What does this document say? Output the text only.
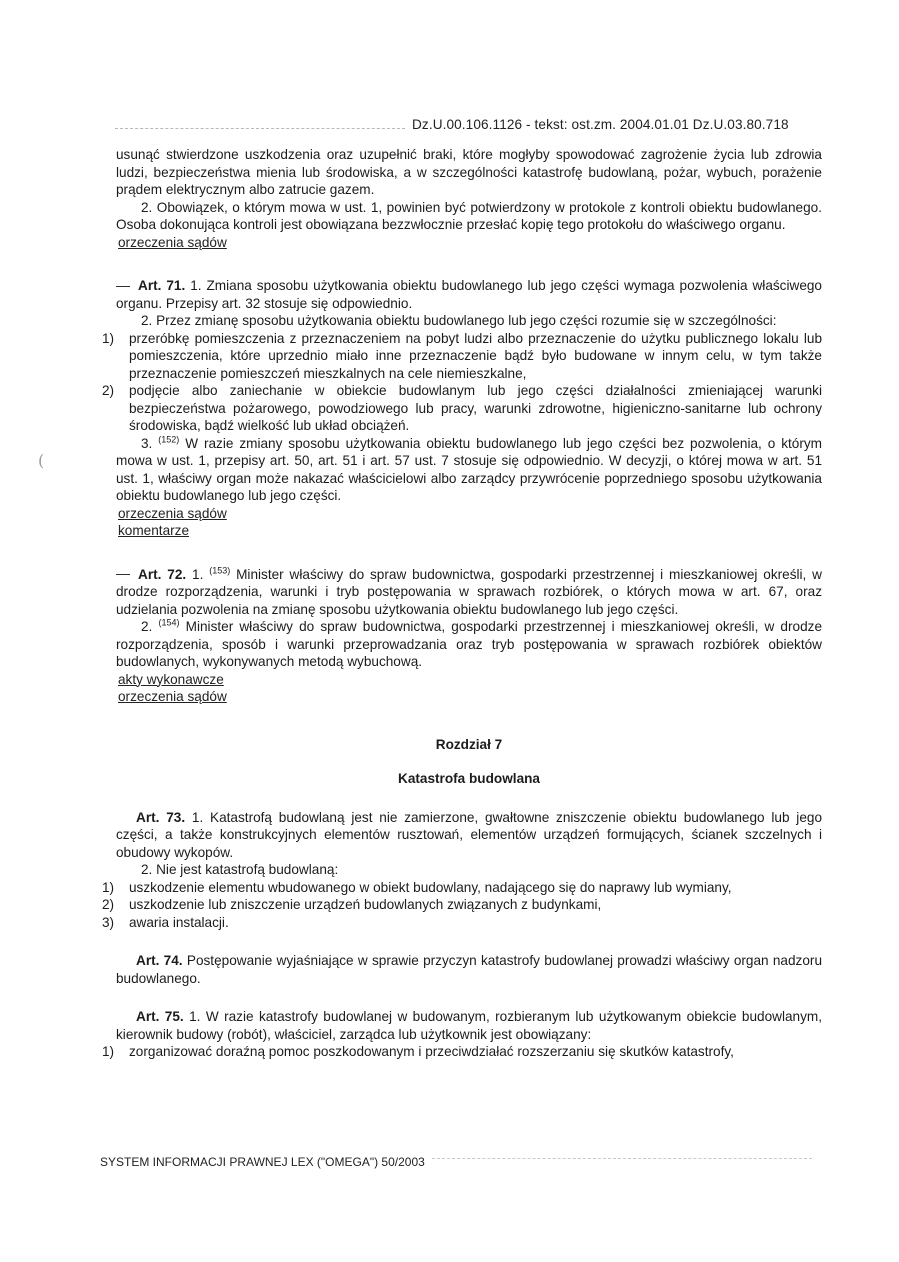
Dz.U.00.106.1126 - tekst: ost.zm. 2004.01.01 Dz.U.03.80.718

usunąć stwierdzone uszkodzenia oraz uzupełnić braki, które mogłyby spowodować zagrożenie życia lub zdrowia ludzi, bezpieczeństwa mienia lub środowiska, a w szczególności katastrofę budowlaną, pożar, wybuch, porażenie prądem elektrycznym albo zatrucie gazem.

2. Obowiązek, o którym mowa w ust. 1, powinien być potwierdzony w protokole z kontroli obiektu budowlanego. Osoba dokonująca kontroli jest obowiązana bezzwłocznie przesłać kopię tego protokołu do właściwego organu.

orzeczenia sądów

Art. 71. 1. Zmiana sposobu użytkowania obiektu budowlanego lub jego części wymaga pozwolenia właściwego organu. Przepisy art. 32 stosuje się odpowiednio.

2. Przez zmianę sposobu użytkowania obiektu budowlanego lub jego części rozumie się w szczególności:

1)	przeróbkę pomieszczenia z przeznaczeniem na pobyt ludzi albo przeznaczenie do użytku publicznego lokalu lub pomieszczenia, które uprzednio miało inne przeznaczenie bądź było budowane w innym celu, w tym także przeznaczenie pomieszczeń mieszkalnych na cele niemieszkalne,
2)	podjęcie albo zaniechanie w obiekcie budowlanym lub jego części działalności zmieniającej warunki bezpieczeństwa pożarowego, powodziowego lub pracy, warunki zdrowotne, higieniczno-sanitarne lub ochrony środowiska, bądź wielkość lub układ obciążeń.

3. $^{(152)}$ W razie zmiany sposobu użytkowania obiektu budowlanego lub jego części bez pozwolenia, o którym mowa w ust. 1, przepisy art. 50, art. 51 i art. 57 ust. 7 stosuje się odpowiednio. W decyzji, o której mowa w art. 51 ust. 1, właściwy organ może nakazać właścicielowi albo zarządcy przywrócenie poprzedniego sposobu użytkowania obiektu budowlanego lub jego części.

orzeczenia sądów
komentarze

Art. 72. 1. $^{(153)}$ Minister właściwy do spraw budownictwa, gospodarki przestrzennej i mieszkaniowej określi, w drodze rozporządzenia, warunki i tryb postępowania w sprawach rozbiórek, o których mowa w art. 67, oraz udzielania pozwolenia na zmianę sposobu użytkowania obiektu budowlanego lub jego części.

2. $^{(154)}$ Minister właściwy do spraw budownictwa, gospodarki przestrzennej i mieszkaniowej określi, w drodze rozporządzenia, sposób i warunki przeprowadzania oraz tryb postępowania w sprawach rozbiórek obiektów budowlanych, wykonywanych metodą wybuchową.

akty wykonawcze
orzeczenia sądów

Rozdział 7

Katastrofa budowlana

Art. 73. 1. Katastrofą budowlaną jest nie zamierzone, gwałtowne zniszczenie obiektu budowlanego lub jego części, a także konstrukcyjnych elementów rusztowań, elementów urządzeń formujących, ścianek szczelnych i obudowy wykopów.

2. Nie jest katastrofą budowlaną:

1)	uszkodzenie elementu wbudowanego w obiekt budowlany, nadającego się do naprawy lub wymiany,
2)	uszkodzenie lub zniszczenie urządzeń budowlanych związanych z budynkami,
3)	awaria instalacji.

Art. 74. Postępowanie wyjaśniające w sprawie przyczyn katastrofy budowlanej prowadzi właściwy organ nadzoru budowlanego.

Art. 75. 1. W razie katastrofy budowlanej w budowanym, rozbieranym lub użytkowanym obiekcie budowlanym, kierownik budowy (robót), właściciel, zarządca lub użytkownik jest obowiązany:

1)	zorganizować doraźną pomoc poszkodowanym i przeciwdziałać rozszerzaniu się skutków katastrofy,
(
SYSTEM INFORMACJI PRAWNEJ LEX ("OMEGA") 50/2003
